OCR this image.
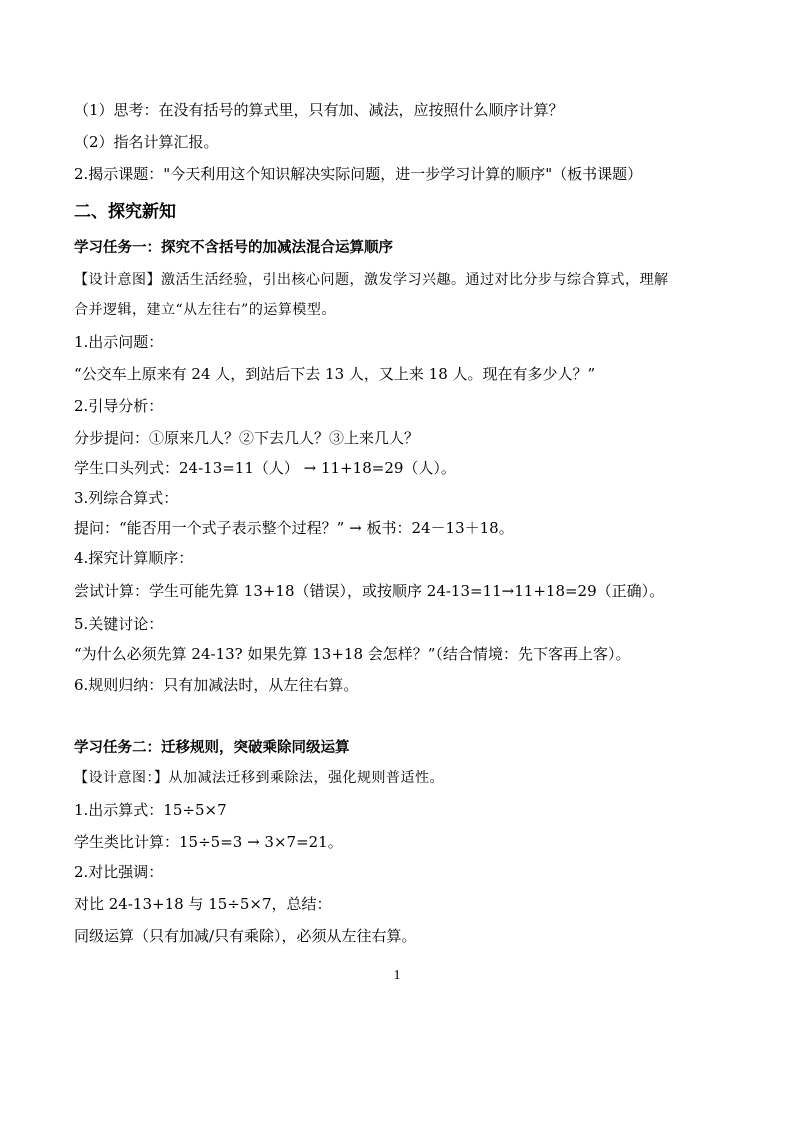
（1）思考：在没有括号的算式里，只有加、减法，应按照什么顺序计算？
（2）指名计算汇报。
2.揭示课题："今天利用这个知识解决实际问题，进一步学习计算的顺序"（板书课题）
二、探究新知
学习任务一：探究不含括号的加减法混合运算顺序
【设计意图】激活生活经验，引出核心问题，激发学习兴趣。通过对比分步与综合算式，理解
合并逻辑，建立“从左往右”的运算模型。
1.出示问题：
“公交车上原来有 24 人，到站后下去 13 人，又上来 18 人。现在有多少人？”
2.引导分析：
分步提问：①原来几人？②下去几人？③上来几人？
学生口头列式：24-13=11（人） → 11+18=29（人）。
3.列综合算式：
提问：“能否用一个式子表示整个过程？” → 板书：24－13＋18。
4.探究计算顺序：
尝试计算：学生可能先算 13+18（错误），或按顺序 24-13=11→11+18=29（正确）。
5.关键讨论：
“为什么必须先算 24-13? 如果先算 13+18 会怎样？”（结合情境：先下客再上客）。
6.规则归纳：只有加减法时，从左往右算。
学习任务二：迁移规则，突破乘除同级运算
【设计意图：】从加减法迁移到乘除法，强化规则普适性。
1.出示算式：15÷5×7
学生类比计算：15÷5=3 → 3×7=21。
2.对比强调：
对比 24-13+18 与 15÷5×7，总结：
同级运算（只有加减/只有乘除），必须从左往右算。
1
